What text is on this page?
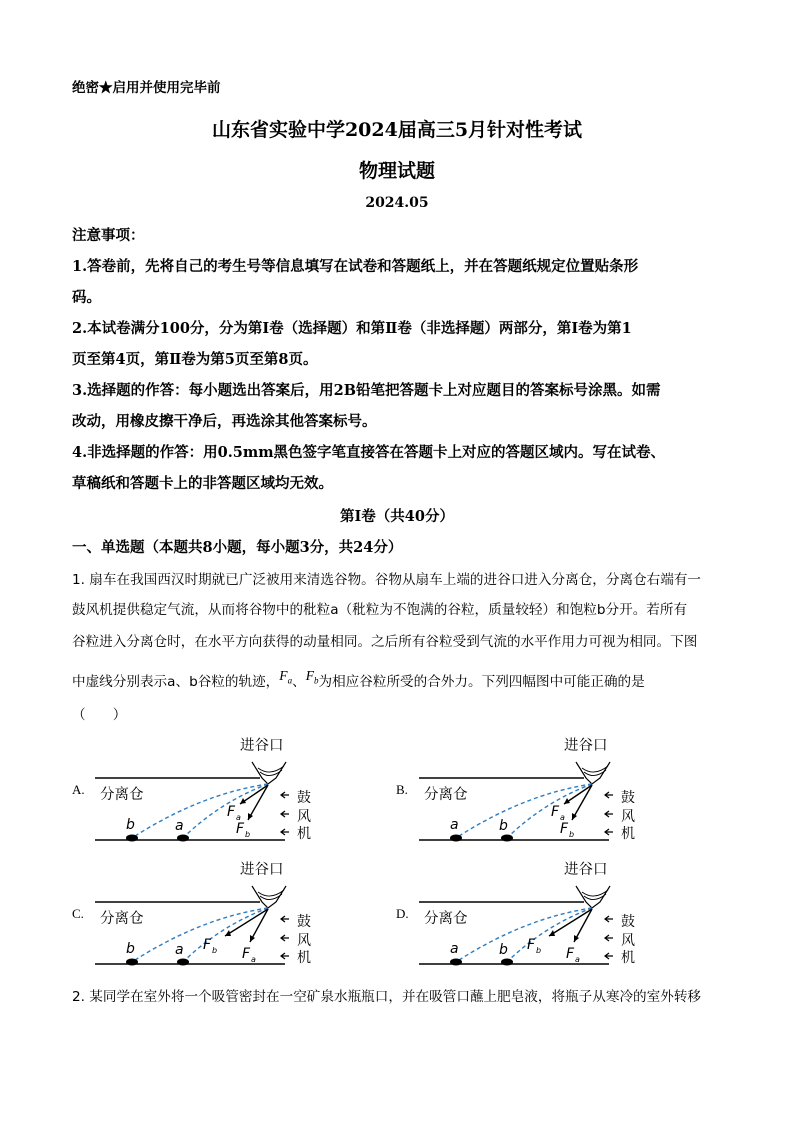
绝密★启用并使用完毕前
山东省实验中学2024届高三5月针对性考试
物理试题
2024.05
注意事项：
1.答卷前，先将自己的考生号等信息填写在试卷和答题纸上，并在答题纸规定位置贴条形
码。
2.本试卷满分100分，分为第Ⅰ卷（选择题）和第Ⅱ卷（非选择题）两部分，第Ⅰ卷为第1
页至第4页，第Ⅱ卷为第5页至第8页。
3.选择题的作答：每小题选出答案后，用2B铅笔把答题卡上对应题目的答案标号涂黑。如需
改动，用橡皮擦干净后，再选涂其他答案标号。
4.非选择题的作答：用0.5mm黑色签字笔直接答在答题卡上对应的答题区域内。写在试卷、
草稿纸和答题卡上的非答题区域均无效。
第Ⅰ卷（共40分）
一、单选题（本题共8小题，每小题3分，共24分）
1. 扇车在我国西汉时期就已广泛被用来清选谷物。谷物从扇车上端的进谷口进入分离仓，分离仓右端有一
鼓风机提供稳定气流，从而将谷物中的秕粒a（秕粒为不饱满的谷粒，质量较轻）和饱粒b分开。若所有
谷粒进入分离仓时，在水平方向获得的动量相同。之后所有谷粒受到气流的水平作用力可视为相同。下图
中虚线分别表示a、b谷粒的轨迹，$F_a$、$F_b$为相应谷粒所受的合外力。下列四幅图中可能正确的是
（　　）
A.
进谷口
分离仓	鼓
风
机
b	a
F a
F b
B.
进谷口
分离仓	鼓
风
机
a	b
F a
F b
C.
进谷口
分离仓	鼓
风
机
b	a F b F a
D.
进谷口
分离仓	鼓
风
机
a	b F b F a
2. 某同学在室外将一个吸管密封在一空矿泉水瓶瓶口，并在吸管口蘸上肥皂液，将瓶子从寒冷的室外转移
